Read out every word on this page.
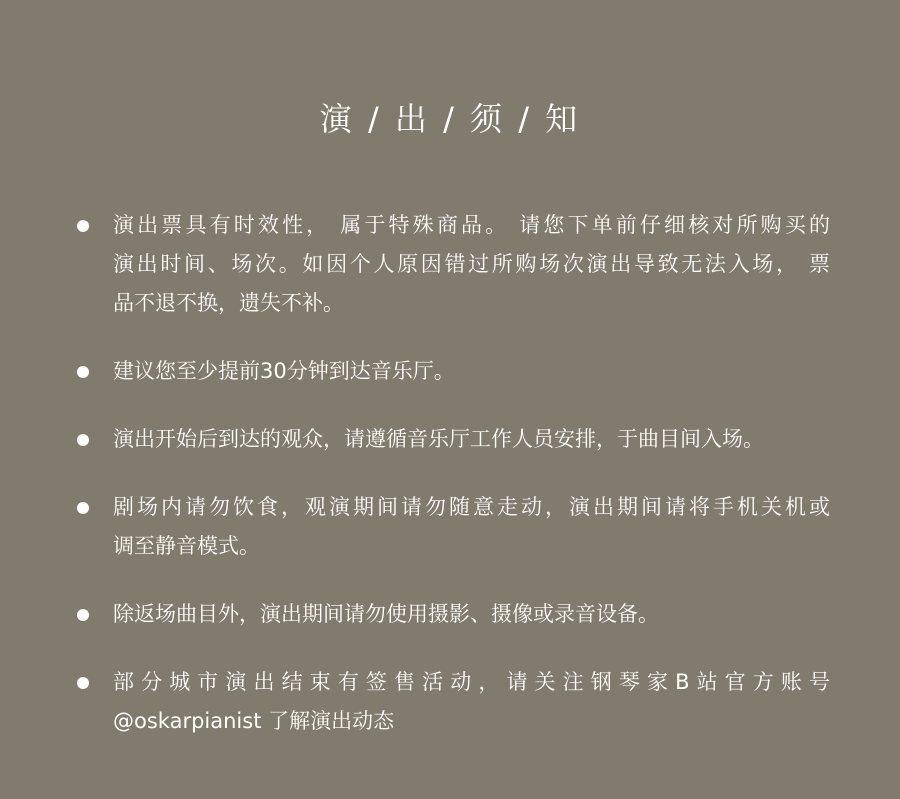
演 / 出 / 须 / 知
演出票具有时效性， 属于特殊商品。 请您下单前仔细核对所购买的
演出时间、场次。如因个人原因错过所购场次演出导致无法入场， 票
品不退不换，遗失不补。
建议您至少提前30分钟到达音乐厅。
演出开始后到达的观众，请遵循音乐厅工作人员安排，于曲目间入场。
剧场内请勿饮食，观演期间请勿随意走动，演出期间请将手机关机或
调至静音模式。
除返场曲目外，演出期间请勿使用摄影、摄像或录音设备。
部分城市演出结束有签售活动，请关注钢琴家B站官方账号
@oskarpianist 了解演出动态
